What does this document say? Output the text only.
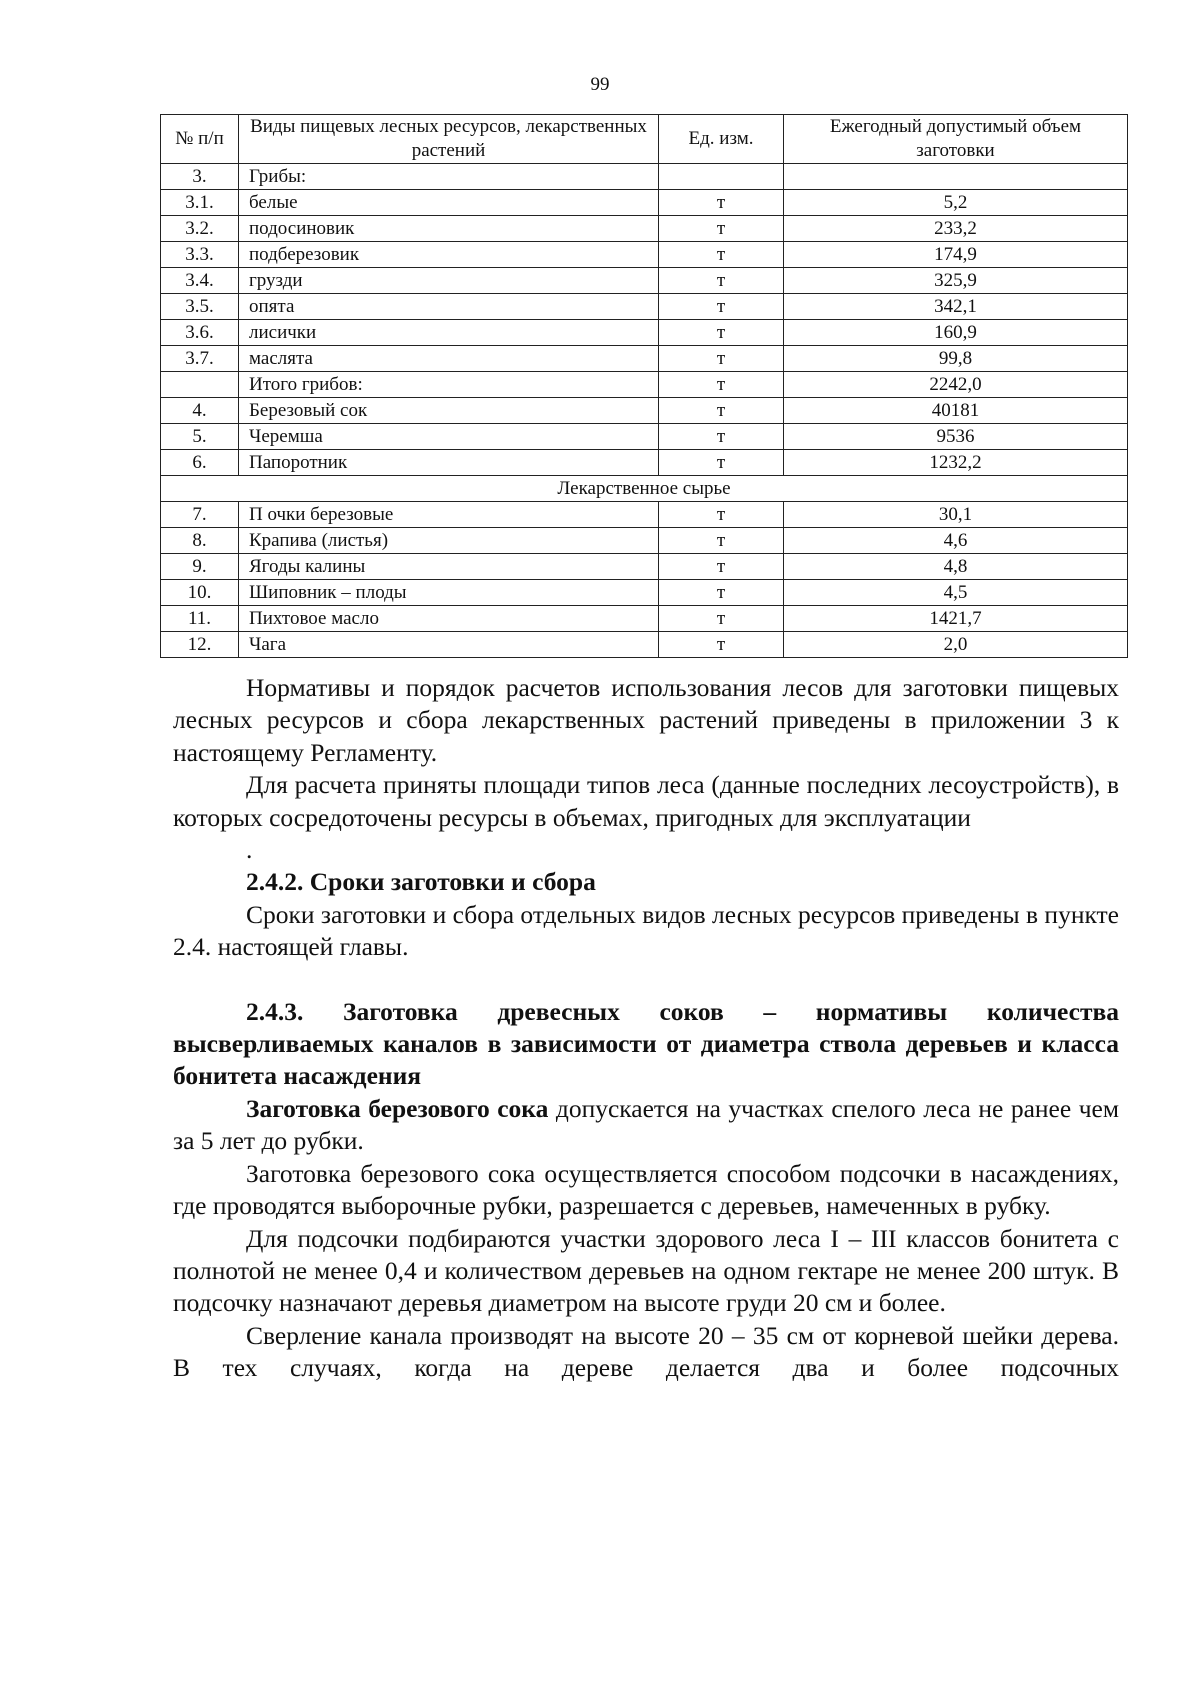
99
№ п/п	Виды пищевых лесных ресурсов, лекарственных растений	Ед. изм.	Ежегодный допустимый объем заготовки
3.	Грибы:		
3.1.	белые	т	5,2
3.2.	подосиновик	т	233,2
3.3.	подберезовик	т	174,9
3.4.	грузди	т	325,9
3.5.	опята	т	342,1
3.6.	лисички	т	160,9
3.7.	маслята	т	99,8
	Итого грибов:	т	2242,0
4.	Березовый сок	т	40181
5.	Черемша	т	9536
6.	Папоротник	т	1232,2
Лекарственное сырье			
7.	П очки березовые	т	30,1
8.	Крапива (листья)	т	4,6
9.	Ягоды калины	т	4,8
10.	Шиповник – плоды	т	4,5
11.	Пихтовое масло	т	1421,7
12.	Чага	т	2,0

Нормативы и порядок расчетов использования лесов для заготовки пищевых лесных ресурсов и сбора лекарственных растений приведены в приложении 3 к настоящему Регламенту.

Для расчета приняты площади типов леса (данные последних лесоустройств), в которых сосредоточены ресурсы в объемах, пригодных для эксплуатации

.

2.4.2. Сроки заготовки и сбора

Сроки заготовки и сбора отдельных видов лесных ресурсов приведены в пункте 2.4. настоящей главы.

2.4.3. Заготовка древесных соков – нормативы количества высверливаемых каналов в зависимости от диаметра ствола деревьев и класса бонитета насаждения

Заготовка березового сока допускается на участках спелого леса не ранее чем за 5 лет до рубки.

Заготовка березового сока осуществляется способом подсочки в насаждениях, где проводятся выборочные рубки, разрешается с деревьев, намеченных в рубку.

Для подсочки подбираются участки здорового леса I – III классов бонитета с полнотой не менее 0,4 и количеством деревьев на одном гектаре не менее 200 штук. В подсочку назначают деревья диаметром на высоте груди 20 см и более.

Сверление канала производят на высоте 20 – 35 см от корневой шейки дерева. В тех случаях, когда на дереве делается два и более подсочных
